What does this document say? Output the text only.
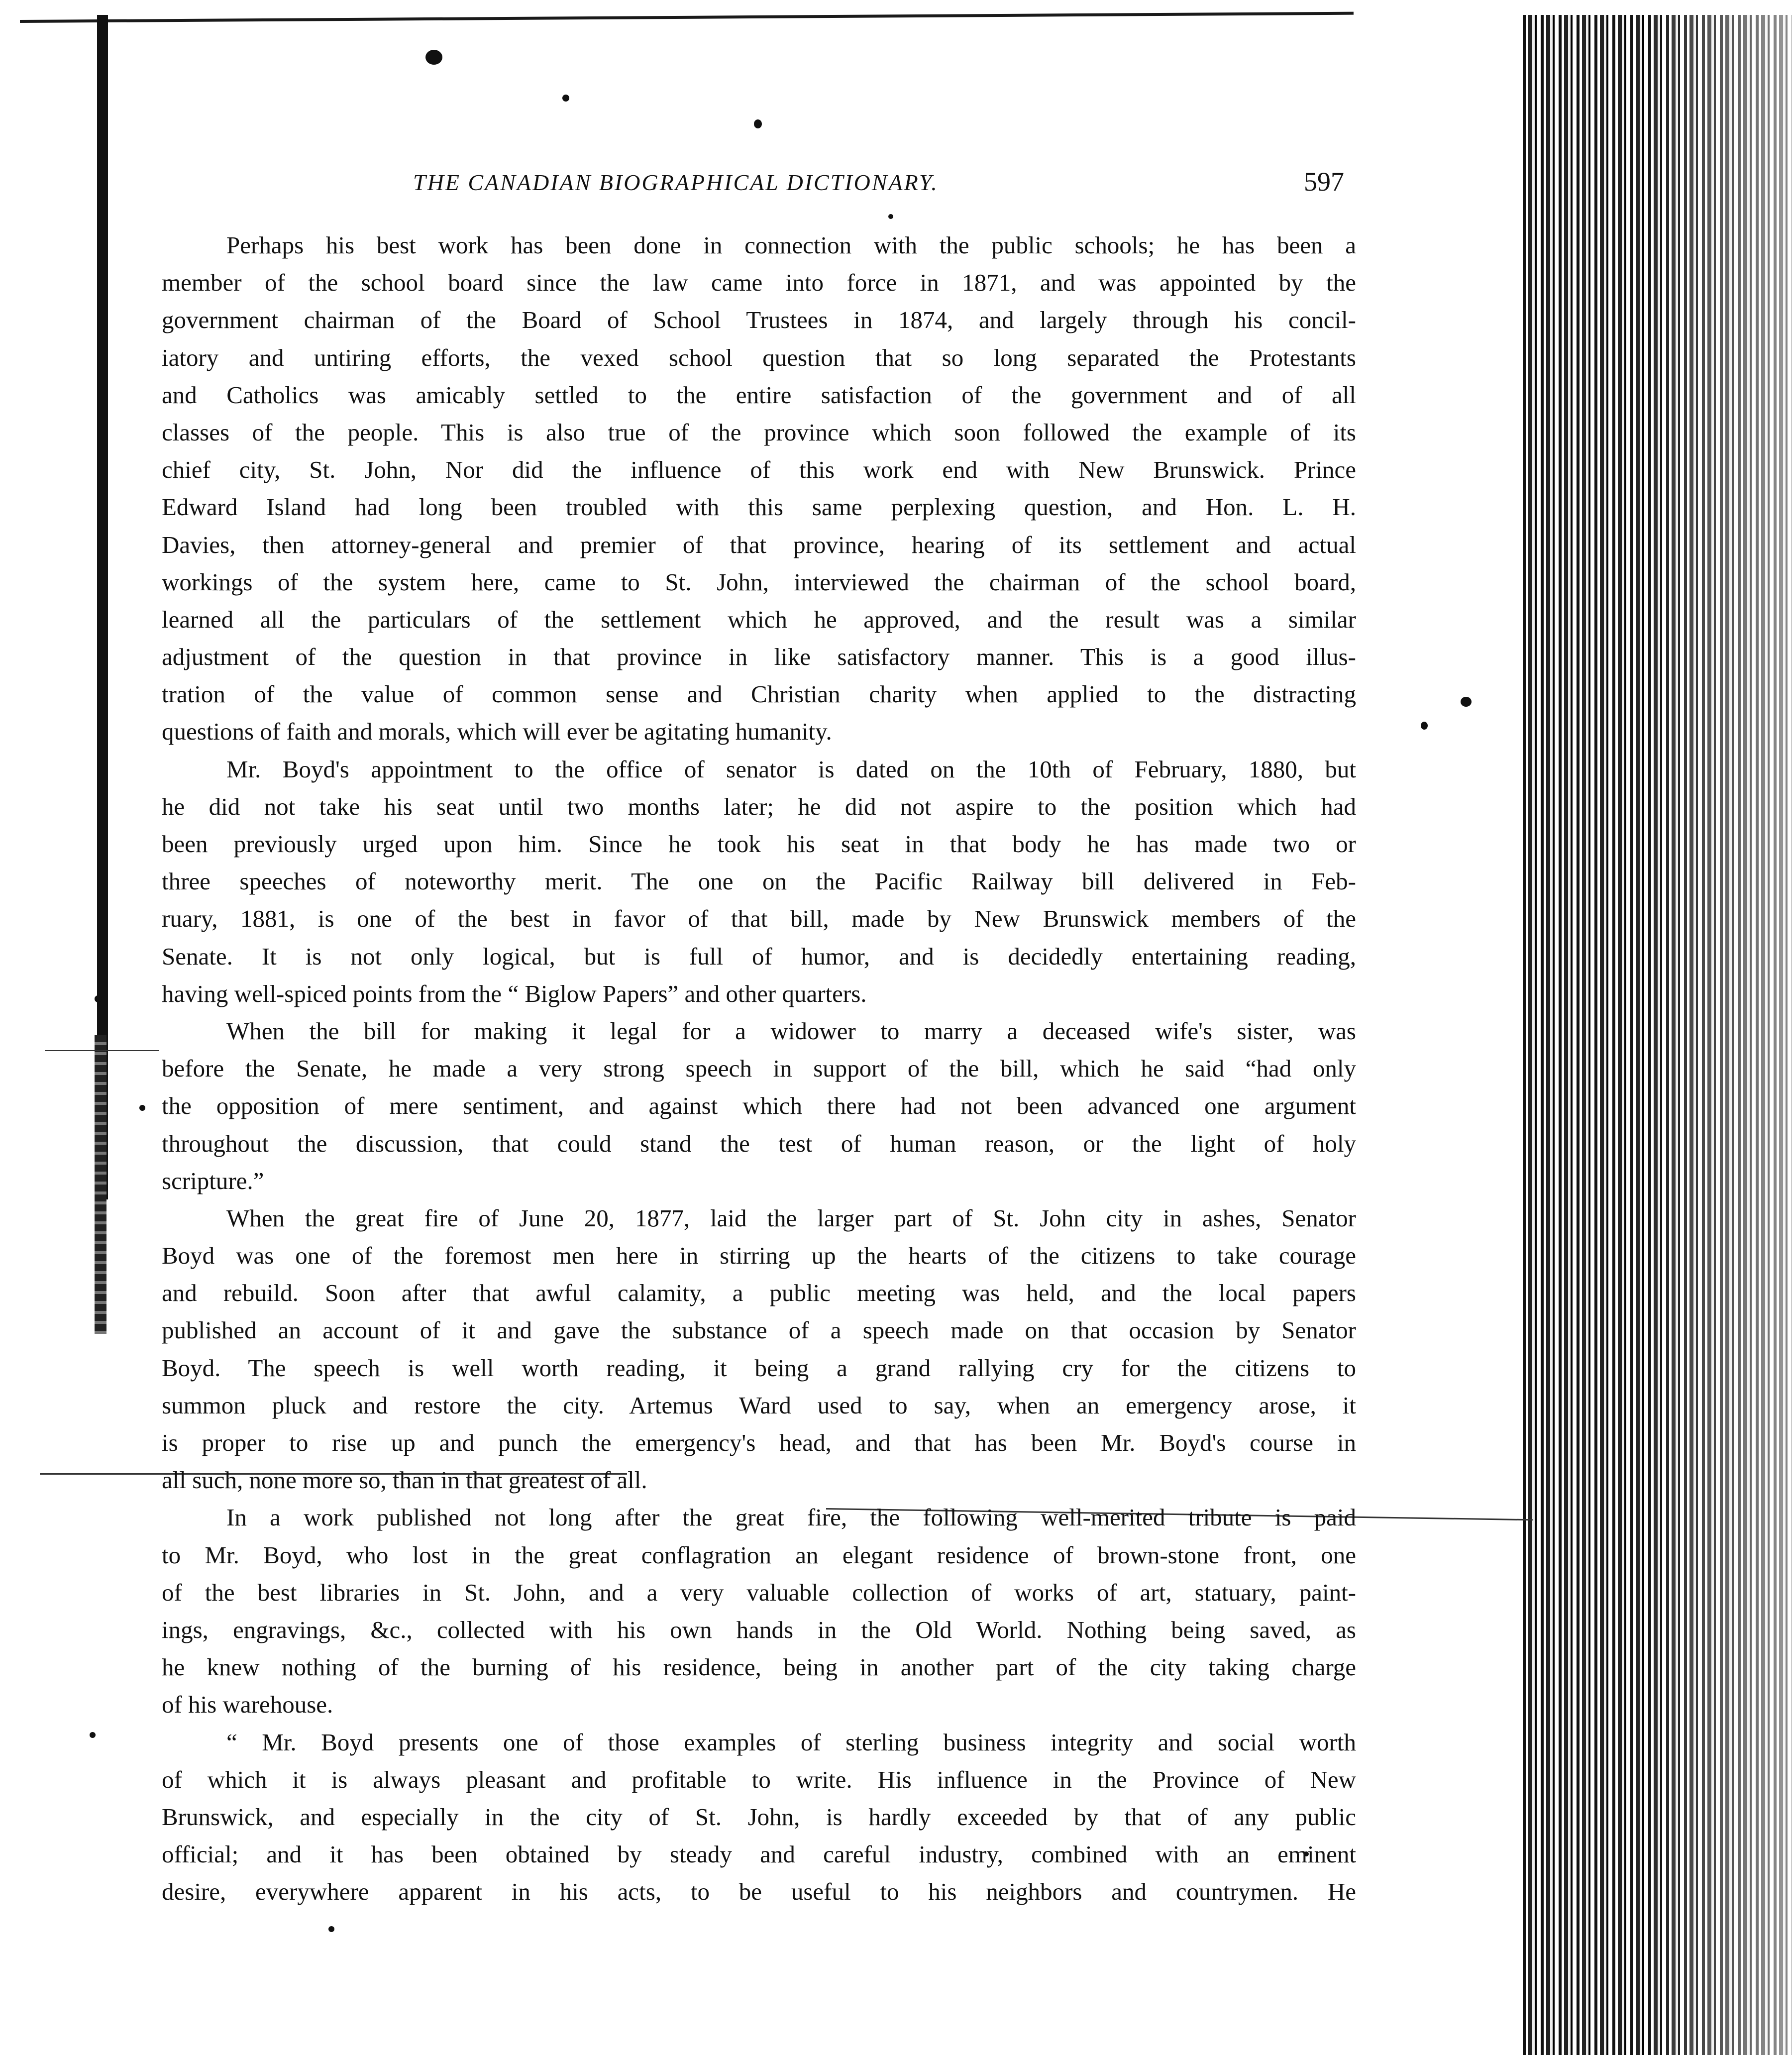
THE CANADIAN BIOGRAPHICAL DICTIONARY.	597
Perhaps his best work has been done in connection with the public schools; he has been a
member of the school board since the law came into force in 1871, and was appointed by the
government chairman of the Board of School Trustees in 1874, and largely through his concil-
iatory and untiring efforts, the vexed school question that so long separated the Protestants
and Catholics was amicably settled to the entire satisfaction of the government and of all
classes of the people. This is also true of the province which soon followed the example of its
chief city, St. John, Nor did the influence of this work end with New Brunswick. Prince
Edward Island had long been troubled with this same perplexing question, and Hon. L. H.
Davies, then attorney-general and premier of that province, hearing of its settlement and actual
workings of the system here, came to St. John, interviewed the chairman of the school board,
learned all the particulars of the settlement which he approved, and the result was a similar
adjustment of the question in that province in like satisfactory manner. This is a good illus-
tration of the value of common sense and Christian charity when applied to the distracting
questions of faith and morals, which will ever be agitating humanity.
Mr. Boyd's appointment to the office of senator is dated on the 10th of February, 1880, but
he did not take his seat until two months later; he did not aspire to the position which had
been previously urged upon him. Since he took his seat in that body he has made two or
three speeches of noteworthy merit. The one on the Pacific Railway bill delivered in Feb-
ruary, 1881, is one of the best in favor of that bill, made by New Brunswick members of the
Senate. It is not only logical, but is full of humor, and is decidedly entertaining reading,
having well-spiced points from the “ Biglow Papers” and other quarters.
When the bill for making it legal for a widower to marry a deceased wife's sister, was
before the Senate, he made a very strong speech in support of the bill, which he said “had only
the opposition of mere sentiment, and against which there had not been advanced one argument
throughout the discussion, that could stand the test of human reason, or the light of holy
scripture.”
When the great fire of June 20, 1877, laid the larger part of St. John city in ashes, Senator
Boyd was one of the foremost men here in stirring up the hearts of the citizens to take courage
and rebuild. Soon after that awful calamity, a public meeting was held, and the local papers
published an account of it and gave the substance of a speech made on that occasion by Senator
Boyd. The speech is well worth reading, it being a grand rallying cry for the citizens to
summon pluck and restore the city. Artemus Ward used to say, when an emergency arose, it
is proper to rise up and punch the emergency's head, and that has been Mr. Boyd's course in
all such, none more so, than in that greatest of all.
In a work published not long after the great fire, the following well-merited tribute is paid
to Mr. Boyd, who lost in the great conflagration an elegant residence of brown-stone front, one
of the best libraries in St. John, and a very valuable collection of works of art, statuary, paint-
ings, engravings, &c., collected with his own hands in the Old World. Nothing being saved, as
he knew nothing of the burning of his residence, being in another part of the city taking charge
of his warehouse.
“ Mr. Boyd presents one of those examples of sterling business integrity and social worth
of which it is always pleasant and profitable to write. His influence in the Province of New
Brunswick, and especially in the city of St. John, is hardly exceeded by that of any public
official; and it has been obtained by steady and careful industry, combined with an eminent
desire, everywhere apparent in his acts, to be useful to his neighbors and countrymen. He
